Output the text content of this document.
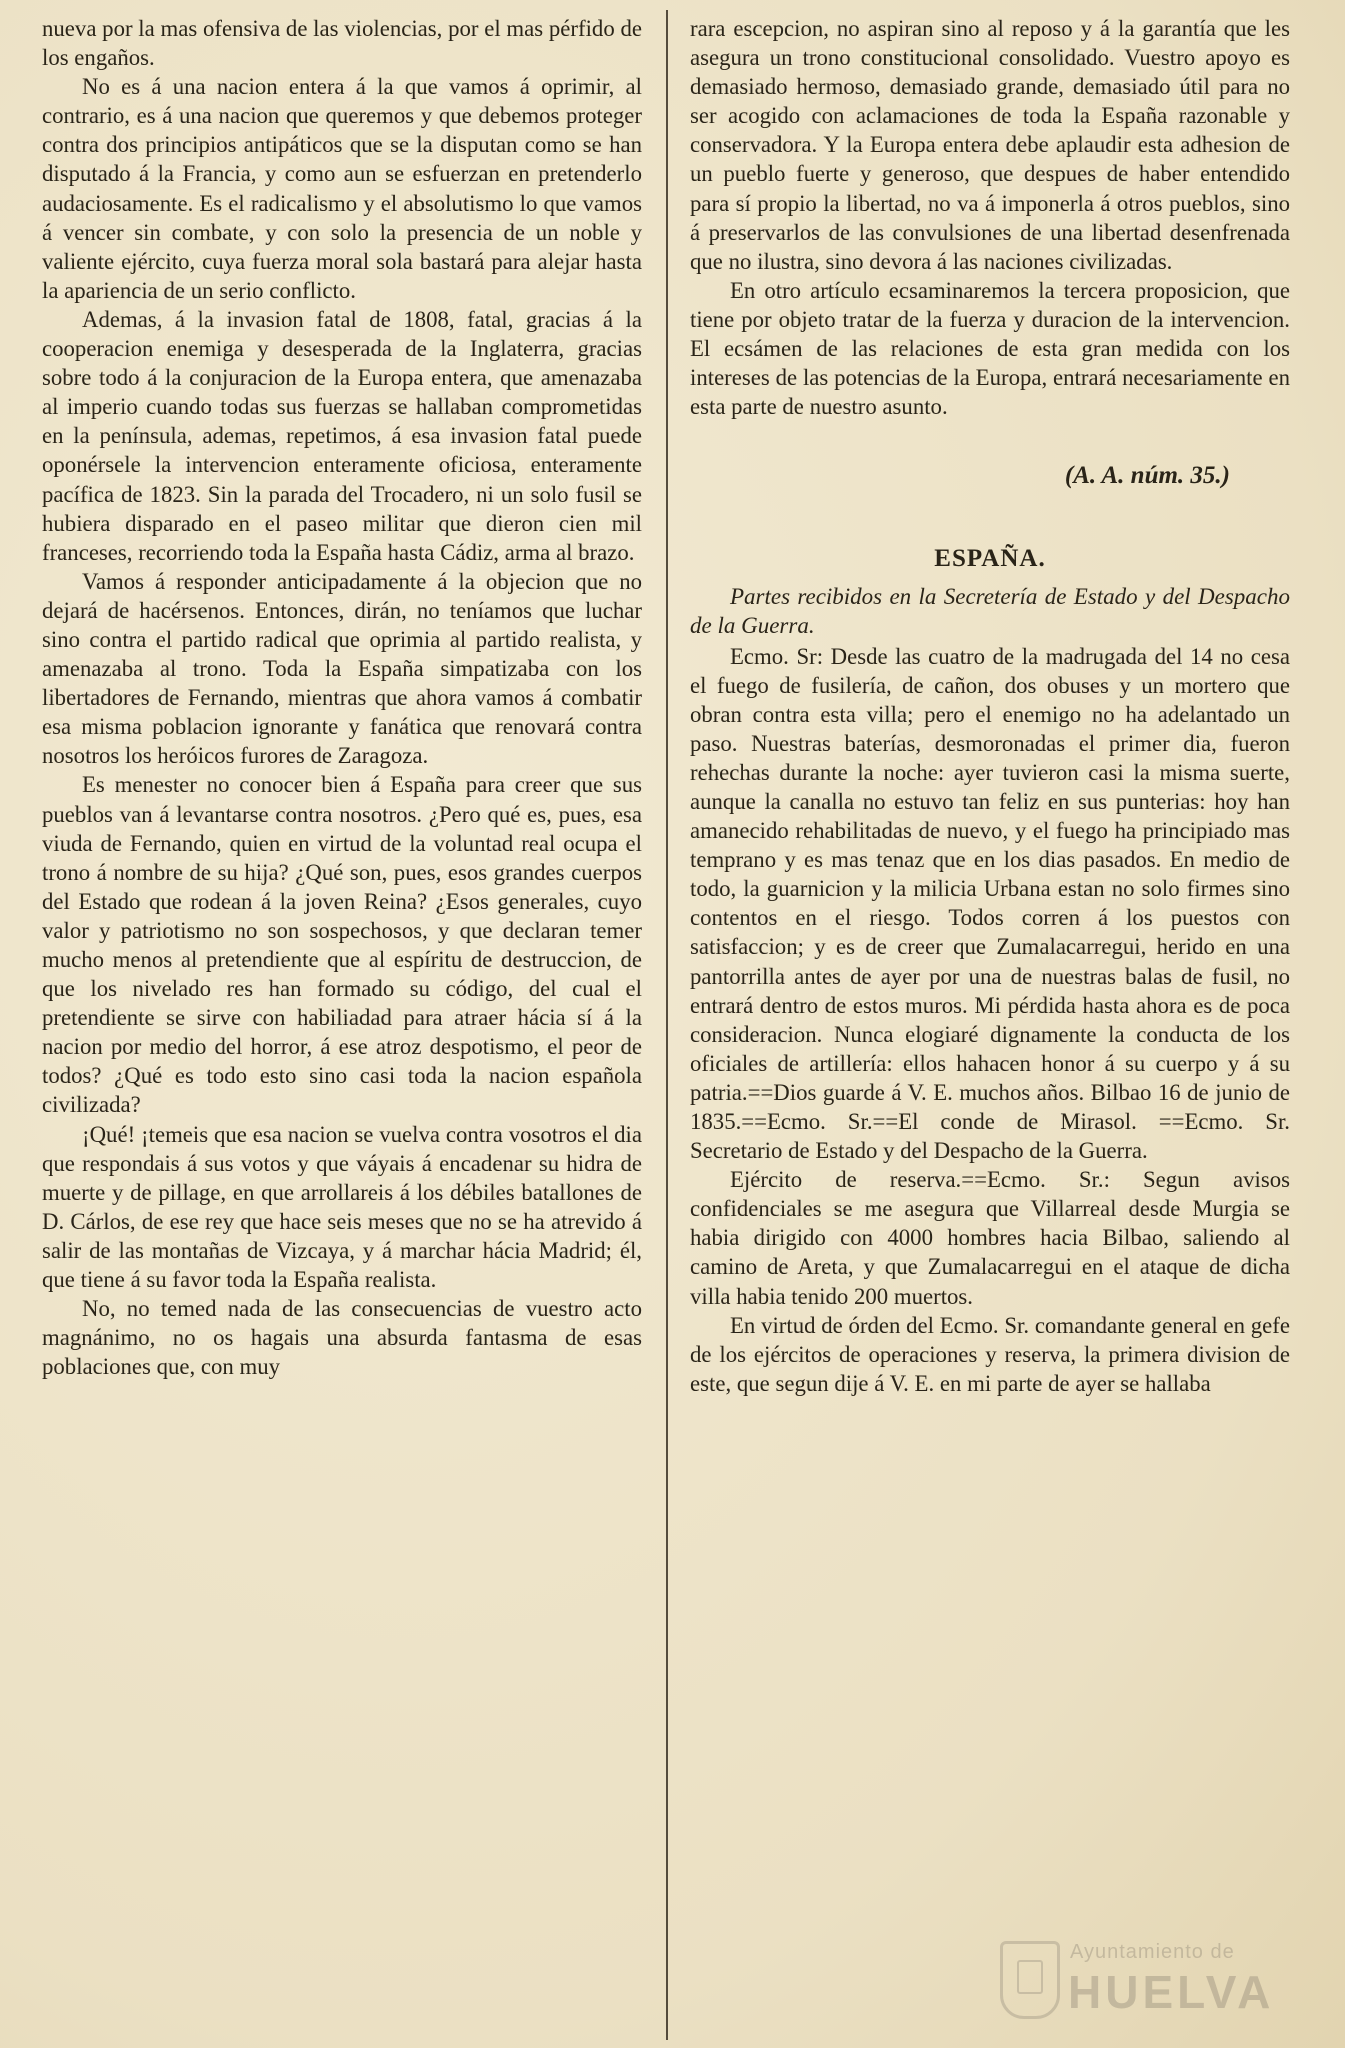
nueva por la mas ofensiva de las violencias, por el mas pérfido de los engaños.

No es á una nacion entera á la que vamos á oprimir, al contrario, es á una nacion que queremos y que debemos proteger contra dos principios antipáticos que se la disputan como se han disputado á la Francia, y como aun se esfuerzan en pretenderlo audaciosamente. Es el radicalismo y el absolutismo lo que vamos á vencer sin combate, y con solo la presencia de un noble y valiente ejército, cuya fuerza moral sola bastará para alejar hasta la apariencia de un serio conflicto.

Ademas, á la invasion fatal de 1808, fatal, gracias á la cooperacion enemiga y desesperada de la Inglaterra, gracias sobre todo á la conjuracion de la Europa entera, que amenazaba al imperio cuando todas sus fuerzas se hallaban comprometidas en la península, ademas, repetimos, á esa invasion fatal puede oponérsele la intervencion enteramente oficiosa, enteramente pacífica de 1823. Sin la parada del Trocadero, ni un solo fusil se hubiera disparado en el paseo militar que dieron cien mil franceses, recorriendo toda la España hasta Cádiz, arma al brazo.

Vamos á responder anticipadamente á la objecion que no dejará de hacérsenos. Entonces, dirán, no teníamos que luchar sino contra el partido radical que oprimia al partido realista, y amenazaba al trono. Toda la España simpatizaba con los libertadores de Fernando, mientras que ahora vamos á combatir esa misma poblacion ignorante y fanática que renovará contra nosotros los heróicos furores de Zaragoza.

Es menester no conocer bien á España para creer que sus pueblos van á levantarse contra nosotros. ¿Pero qué es, pues, esa viuda de Fernando, quien en virtud de la voluntad real ocupa el trono á nombre de su hija? ¿Qué son, pues, esos grandes cuerpos del Estado que rodean á la joven Reina? ¿Esos generales, cuyo valor y patriotismo no son sospechosos, y que declaran temer mucho menos al pretendiente que al espíritu de destruccion, de que los nivelado res han formado su código, del cual el pretendiente se sirve con habiliadad para atraer hácia sí á la nacion por medio del horror, á ese atroz despotismo, el peor de todos? ¿Qué es todo esto sino casi toda la nacion española civilizada?

¡Qué! ¡temeis que esa nacion se vuelva contra vosotros el dia que respondais á sus votos y que váyais á encadenar su hidra de muerte y de pillage, en que arrollareis á los débiles batallones de D. Cárlos, de ese rey que hace seis meses que no se ha atrevido á salir de las montañas de Vizcaya, y á marchar hácia Madrid; él, que tiene á su favor toda la España realista.

No, no temed nada de las consecuencias de vuestro acto magnánimo, no os hagais una absurda fantasma de esas poblaciones que, con muy

rara escepcion, no aspiran sino al reposo y á la garantía que les asegura un trono constitucional consolidado. Vuestro apoyo es demasiado hermoso, demasiado grande, demasiado útil para no ser acogido con aclamaciones de toda la España razonable y conservadora. Y la Europa entera debe aplaudir esta adhesion de un pueblo fuerte y generoso, que despues de haber entendido para sí propio la libertad, no va á imponerla á otros pueblos, sino á preservarlos de las convulsiones de una libertad desenfrenada que no ilustra, sino devora á las naciones civilizadas.

En otro artículo ecsaminaremos la tercera proposicion, que tiene por objeto tratar de la fuerza y duracion de la intervencion. El ecsámen de las relaciones de esta gran medida con los intereses de las potencias de la Europa, entrará necesariamente en esta parte de nuestro asunto.

(A. A. núm. 35.)
ESPAÑA.
Partes recibidos en la Secretería de Estado y del Despacho de la Guerra.

Ecmo. Sr: Desde las cuatro de la madrugada del 14 no cesa el fuego de fusilería, de cañon, dos obuses y un mortero que obran contra esta villa; pero el enemigo no ha adelantado un paso. Nuestras baterías, desmoronadas el primer dia, fueron rehechas durante la noche: ayer tuvieron casi la misma suerte, aunque la canalla no estuvo tan feliz en sus punterias: hoy han amanecido rehabilitadas de nuevo, y el fuego ha principiado mas temprano y es mas tenaz que en los dias pasados. En medio de todo, la guarnicion y la milicia Urbana estan no solo firmes sino contentos en el riesgo. Todos corren á los puestos con satisfaccion; y es de creer que Zumalacarregui, herido en una pantorrilla antes de ayer por una de nuestras balas de fusil, no entrará dentro de estos muros. Mi pérdida hasta ahora es de poca consideracion. Nunca elogiaré dignamente la conducta de los oficiales de artillería: ellos hahacen honor á su cuerpo y á su patria.==Dios guarde á V. E. muchos años. Bilbao 16 de junio de 1835.==Ecmo. Sr.==El conde de Mirasol. ==Ecmo. Sr. Secretario de Estado y del Despacho de la Guerra.

Ejército de reserva.==Ecmo. Sr.: Segun avisos confidenciales se me asegura que Villarreal desde Murgia se habia dirigido con 4000 hombres hacia Bilbao, saliendo al camino de Areta, y que Zumalacarregui en el ataque de dicha villa habia tenido 200 muertos.

En virtud de órden del Ecmo. Sr. comandante general en gefe de los ejércitos de operaciones y reserva, la primera division de este, que segun dije á V. E. en mi parte de ayer se hallaba

Ayuntamiento de
HUELVA
